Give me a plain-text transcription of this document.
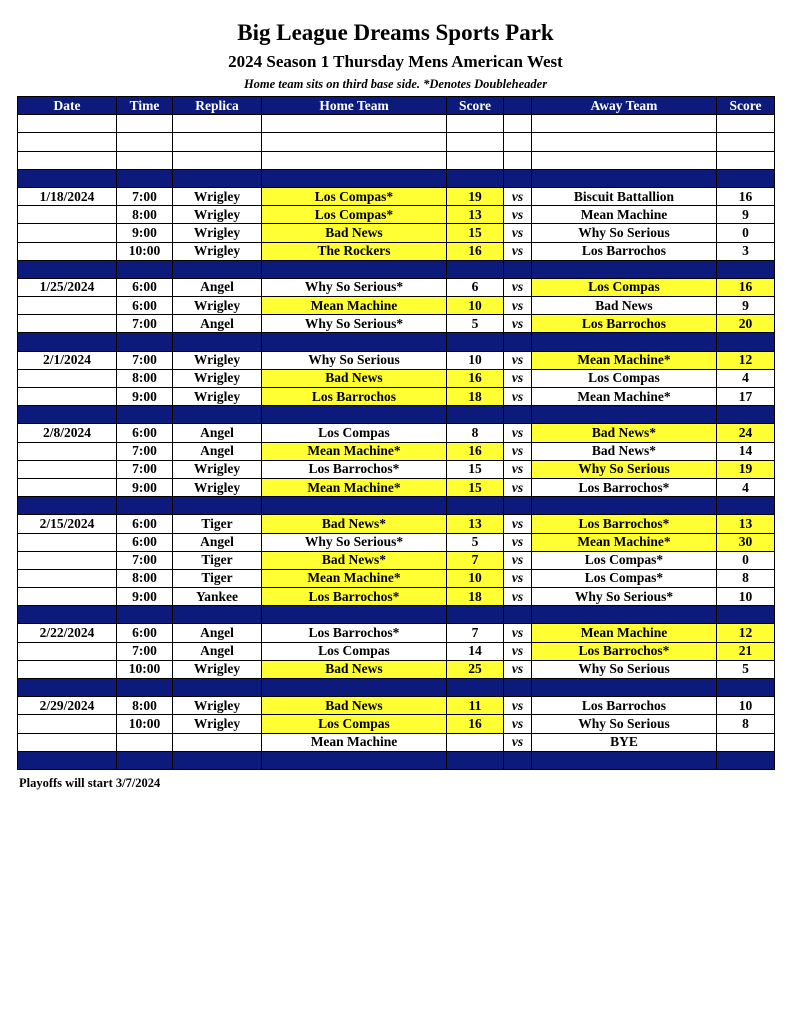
Big League Dreams Sports Park
2024 Season 1 Thursday Mens American West
Home team sits on third base side. *Denotes Doubleheader
Date	Time	Replica	Home Team	Score		Away Team	Score

1/18/2024	7:00	Wrigley	Los Compas*	19	vs	Biscuit Battallion	16
	8:00	Wrigley	Los Compas*	13	vs	Mean Machine	9
	9:00	Wrigley	Bad News	15	vs	Why So Serious	0
	10:00	Wrigley	The Rockers	16	vs	Los Barrochos	3

1/25/2024	6:00	Angel	Why So Serious*	6	vs	Los Compas	16
	6:00	Wrigley	Mean Machine	10	vs	Bad News	9
	7:00	Angel	Why So Serious*	5	vs	Los Barrochos	20

2/1/2024	7:00	Wrigley	Why So Serious	10	vs	Mean Machine*	12
	8:00	Wrigley	Bad News	16	vs	Los Compas	4
	9:00	Wrigley	Los Barrochos	18	vs	Mean Machine*	17

2/8/2024	6:00	Angel	Los Compas	8	vs	Bad News*	24
	7:00	Angel	Mean Machine*	16	vs	Bad News*	14
	7:00	Wrigley	Los Barrochos*	15	vs	Why So Serious	19
	9:00	Wrigley	Mean Machine*	15	vs	Los Barrochos*	4

2/15/2024	6:00	Tiger	Bad News*	13	vs	Los Barrochos*	13
	6:00	Angel	Why So Serious*	5	vs	Mean Machine*	30
	7:00	Tiger	Bad News*	7	vs	Los Compas*	0
	8:00	Tiger	Mean Machine*	10	vs	Los Compas*	8
	9:00	Yankee	Los Barrochos*	18	vs	Why So Serious*	10

2/22/2024	6:00	Angel	Los Barrochos*	7	vs	Mean Machine	12
	7:00	Angel	Los Compas	14	vs	Los Barrochos*	21
	10:00	Wrigley	Bad News	25	vs	Why So Serious	5

2/29/2024	8:00	Wrigley	Bad News	11	vs	Los Barrochos	10
	10:00	Wrigley	Los Compas	16	vs	Why So Serious	8
			Mean Machine		vs	BYE	

Playoffs will start 3/7/2024
